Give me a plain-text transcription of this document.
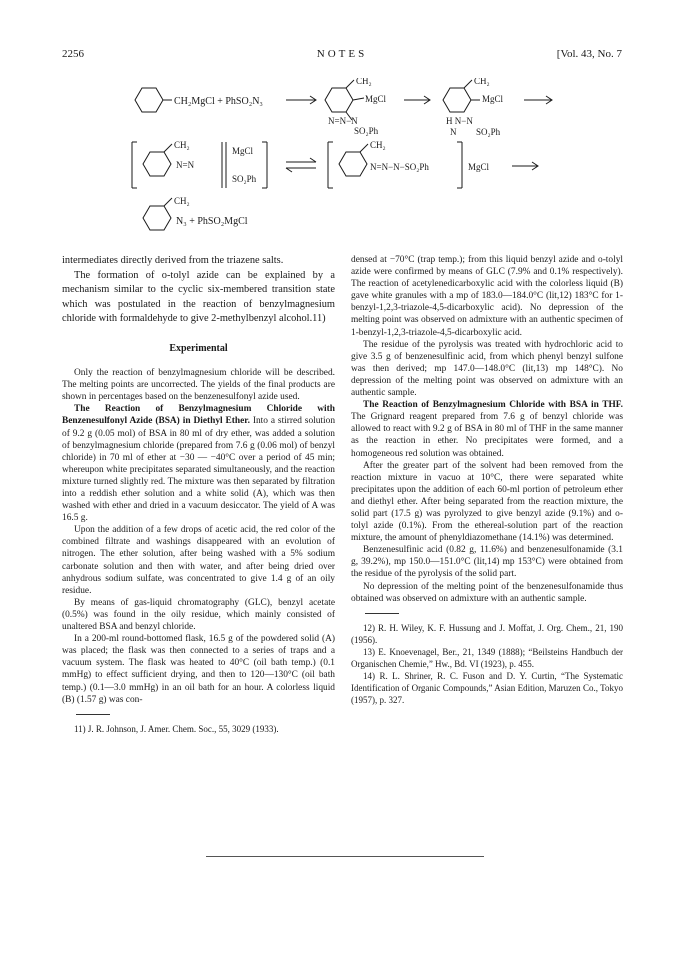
2256	NOTES	[Vol. 43, No. 7
CH₂MgCl + PhSO₂N₃
CH₂
MgCl
N=N−N
SO₂Ph
CH₂
MgCl
H N−N
N SO₂Ph
CH₂
N=N
MgCl
SO₂Ph
CH₂
N=N−N−SO₂Ph	MgCl
CH₂
N₃ + PhSO₂MgCl

intermediates directly derived from the triazene salts.

The formation of o-tolyl azide can be explained by a mechanism similar to the cyclic six-membered transition state which was postulated in the reaction of benzylmagnesium chloride with formaldehyde to give 2-methylbenzyl alcohol.11)

Experimental

Only the reaction of benzylmagnesium chloride will be described. The melting points are uncorrected. The yields of the final products are shown in percentages based on the benzenesulfonyl azide used.

The Reaction of Benzylmagnesium Chloride with Benzenesulfonyl Azide (BSA) in Diethyl Ether. Into a stirred solution of 9.2 g (0.05 mol) of BSA in 80 ml of dry ether, was added a solution of benzylmagnesium chloride (prepared from 7.6 g (0.06 mol) of benzyl chloride) in 70 ml of ether at −30 — −40°C over a period of 45 min; whereupon white precipitates separated simultaneously, and the reaction mixture turned slightly red. The mixture was then separated by filtration into a reddish ether solution and a white solid (A), which was then washed with ether and dried in a vacuum desiccator. The yield of A was 16.5 g.

Upon the addition of a few drops of acetic acid, the red color of the combined filtrate and washings disappeared with an evolution of nitrogen. The ether solution, after being washed with a 5% sodium carbonate solution and then with water, and after being dried over anhydrous sodium sulfate, was concentrated to give 1.4 g of an oily residue.

By means of gas-liquid chromatography (GLC), benzyl acetate (0.5%) was found in the oily residue, which mainly consisted of unaltered BSA and benzyl chloride.

In a 200-ml round-bottomed flask, 16.5 g of the powdered solid (A) was placed; the flask was then connected to a series of traps and a vacuum system. The flask was heated to 40°C (oil bath temp.) (0.1 mmHg) to effect sufficient drying, and then to 120—130°C (oil bath temp.) (0.1—3.0 mmHg) in an oil bath for an hour. A colorless liquid (B) (1.57 g) was con-

11) J. R. Johnson, J. Amer. Chem. Soc., 55, 3029 (1933).

densed at −70°C (trap temp.); from this liquid benzyl azide and o-tolyl azide were confirmed by means of GLC (7.9% and 0.1% respectively). The reaction of acetylenedicarboxylic acid with the colorless liquid (B) gave white granules with a mp of 183.0—184.0°C (lit,12) 183°C for 1-benzyl-1,2,3-triazole-4,5-dicarboxylic acid). No depression of the melting point was observed on admixture with an authentic specimen of 1-benzyl-1,2,3-triazole-4,5-dicarboxylic acid.

The residue of the pyrolysis was treated with hydrochloric acid to give 3.5 g of benzenesulfinic acid, from which phenyl benzyl sulfone was then derived; mp 147.0—148.0°C (lit,13) mp 148°C). No depression of the melting point was observed on admixture with an authentic sample.

The Reaction of Benzylmagnesium Chloride with BSA in THF. The Grignard reagent prepared from 7.6 g of benzyl chloride was allowed to react with 9.2 g of BSA in 80 ml of THF in the same manner as the reaction in ether. No precipitates were formed, and a homogeneous red solution was obtained.

After the greater part of the solvent had been removed from the reaction mixture in vacuo at 10°C, there were separated white precipitates upon the addition of each 60-ml portion of petroleum ether and diethyl ether. After being separated from the reaction mixture, the solid part (17.5 g) was pyrolyzed to give benzyl azide (9.1%) and o-tolyl azide (0.1%). From the ethereal-solution part of the reaction mixture, the amount of phenyldiazomethane (14.1%) was determined.

Benzenesulfinic acid (0.82 g, 11.6%) and benzenesulfonamide (3.1 g, 39.2%), mp 150.0—151.0°C (lit,14) mp 153°C) were obtained from the residue of the pyrolysis of the solid part.

No depression of the melting point of the benzenesulfonamide thus obtained was observed on admixture with an authentic sample.

12) R. H. Wiley, K. F. Hussung and J. Moffat, J. Org. Chem., 21, 190 (1956).

13) E. Knoevenagel, Ber., 21, 1349 (1888); “Beilsteins Handbuch der Organischen Chemie,” Hw., Bd. VI (1923), p. 455.

14) R. L. Shriner, R. C. Fuson and D. Y. Curtin, “The Systematic Identification of Organic Compounds,” Asian Edition, Maruzen Co., Tokyo (1957), p. 327.
